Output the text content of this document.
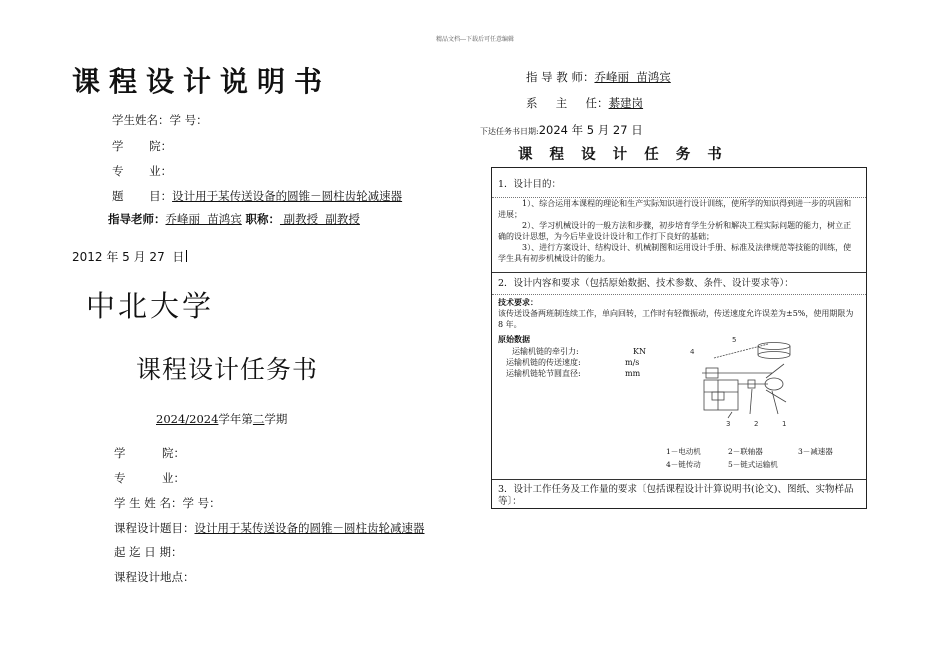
精品文档---下载后可任意编辑
课程设计说明书
学生姓名：学 号：
学       院：
专       业：
题       目：设计用于某传送设备的圆锥－圆柱齿轮减速器
指导老师：乔峰丽  苗鸿宾 职称： 副教授  副教授
2012 年 5 月 27  日
中北大学
课程设计任务书
2024/2024学年第二学期
学          院：
专          业：
学 生 姓 名：学 号：
课程设计题目：设计用于某传送设备的圆锥－圆柱齿轮减速器
起 迄 日 期：
课程设计地点：
指 导 教 师：乔峰丽  苗鸿宾
系     主     任：綦建岗
下达任务书日期:2024 年 5 月 27 日
课 程 设 计 任 务 书
1．设计目的：
1）、综合运用本课程的理论和生产实际知识进行设计训练，使所学的知识得到进一步的巩固和进展；
2）、学习机械设计的一般方法和步骤，初步培育学生分析和解决工程实际问题的能力，树立正确的设计思想，为今后毕业设计设计和工作打下良好的基础；
3）、进行方案设计、结构设计、机械制图和运用设计手册、标准及法律规范等技能的训练，使学生具有初步机械设计的能力。
2．设计内容和要求（包括原始数据、技术参数、条件、设计要求等）：
技术要求：
该传送设备两班制连续工作，单向回转，工作时有轻微振动，传送速度允许误差为±5%，使用期限为 8 年。
原始数据
运输机链的牵引力:	KN
运输机链的传送速度:	m/s
运输机链轮节圆直径:	mm
4
5
3	2	1
1－电动机	2－联轴器	3－减速器
4－链传动	5－链式运输机
3．设计工作任务及工作量的要求〔包括课程设计计算说明书(论文)、图纸、实物样品等〕：
